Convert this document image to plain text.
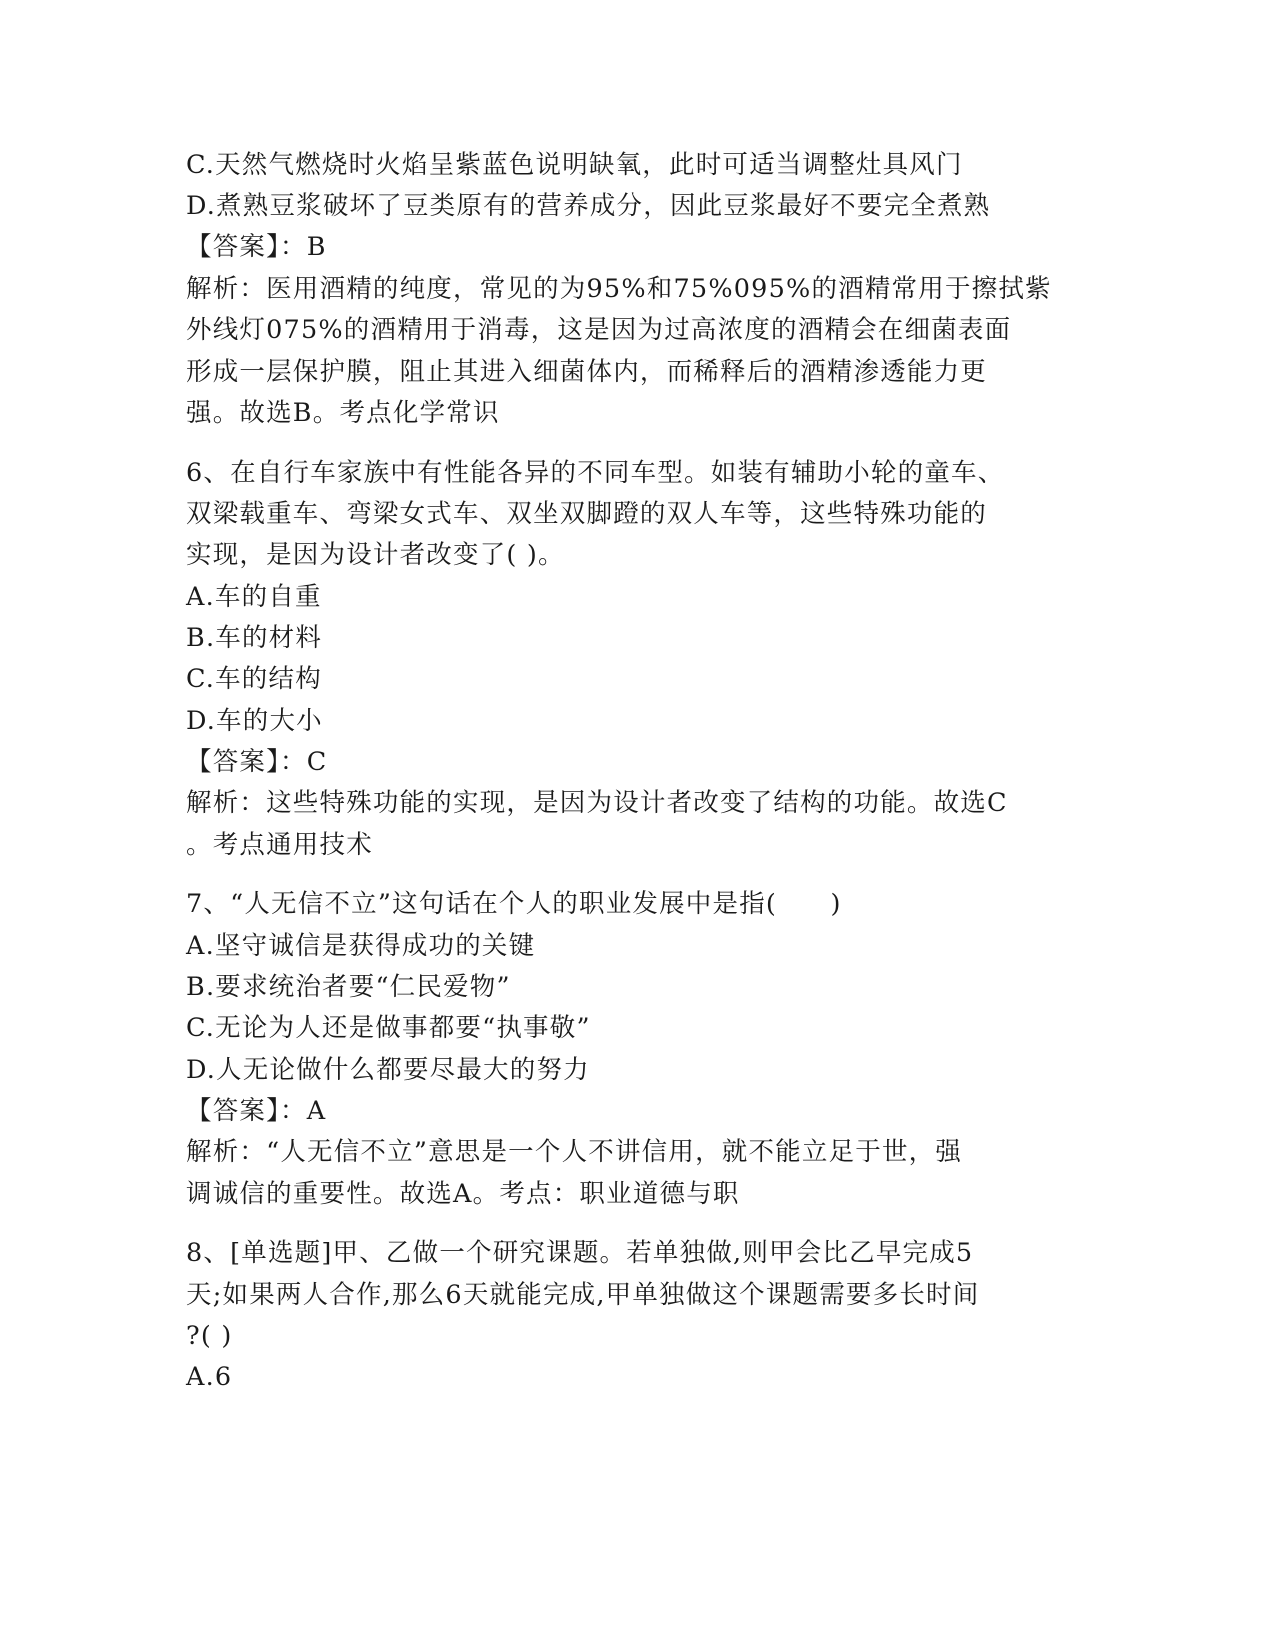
C.天然气燃烧时火焰呈紫蓝色说明缺氧，此时可适当调整灶具风门
D.煮熟豆浆破坏了豆类原有的营养成分，因此豆浆最好不要完全煮熟
【答案】：B
解析：医用酒精的纯度，常见的为95%和75%095%的酒精常用于擦拭紫
外线灯075%的酒精用于消毒，这是因为过高浓度的酒精会在细菌表面
形成一层保护膜，阻止其进入细菌体内，而稀释后的酒精渗透能力更
强。故选B。考点化学常识
6、在自行车家族中有性能各异的不同车型。如装有辅助小轮的童车、
双梁载重车、弯梁女式车、双坐双脚蹬的双人车等，这些特殊功能的
实现，是因为设计者改变了( )。
A.车的自重
B.车的材料
C.车的结构
D.车的大小
【答案】：C
解析：这些特殊功能的实现，是因为设计者改变了结构的功能。故选C
。考点通用技术
7、“人无信不立”这句话在个人的职业发展中是指(　　)
A.坚守诚信是获得成功的关键
B.要求统治者要“仁民爱物”
C.无论为人还是做事都要“执事敬”
D.人无论做什么都要尽最大的努力
【答案】：A
解析：“人无信不立”意思是一个人不讲信用，就不能立足于世，强
调诚信的重要性。故选A。考点：职业道德与职
8、[单选题]甲、乙做一个研究课题。若单独做,则甲会比乙早完成5
天;如果两人合作,那么6天就能完成,甲单独做这个课题需要多长时间
?( )
A.6
